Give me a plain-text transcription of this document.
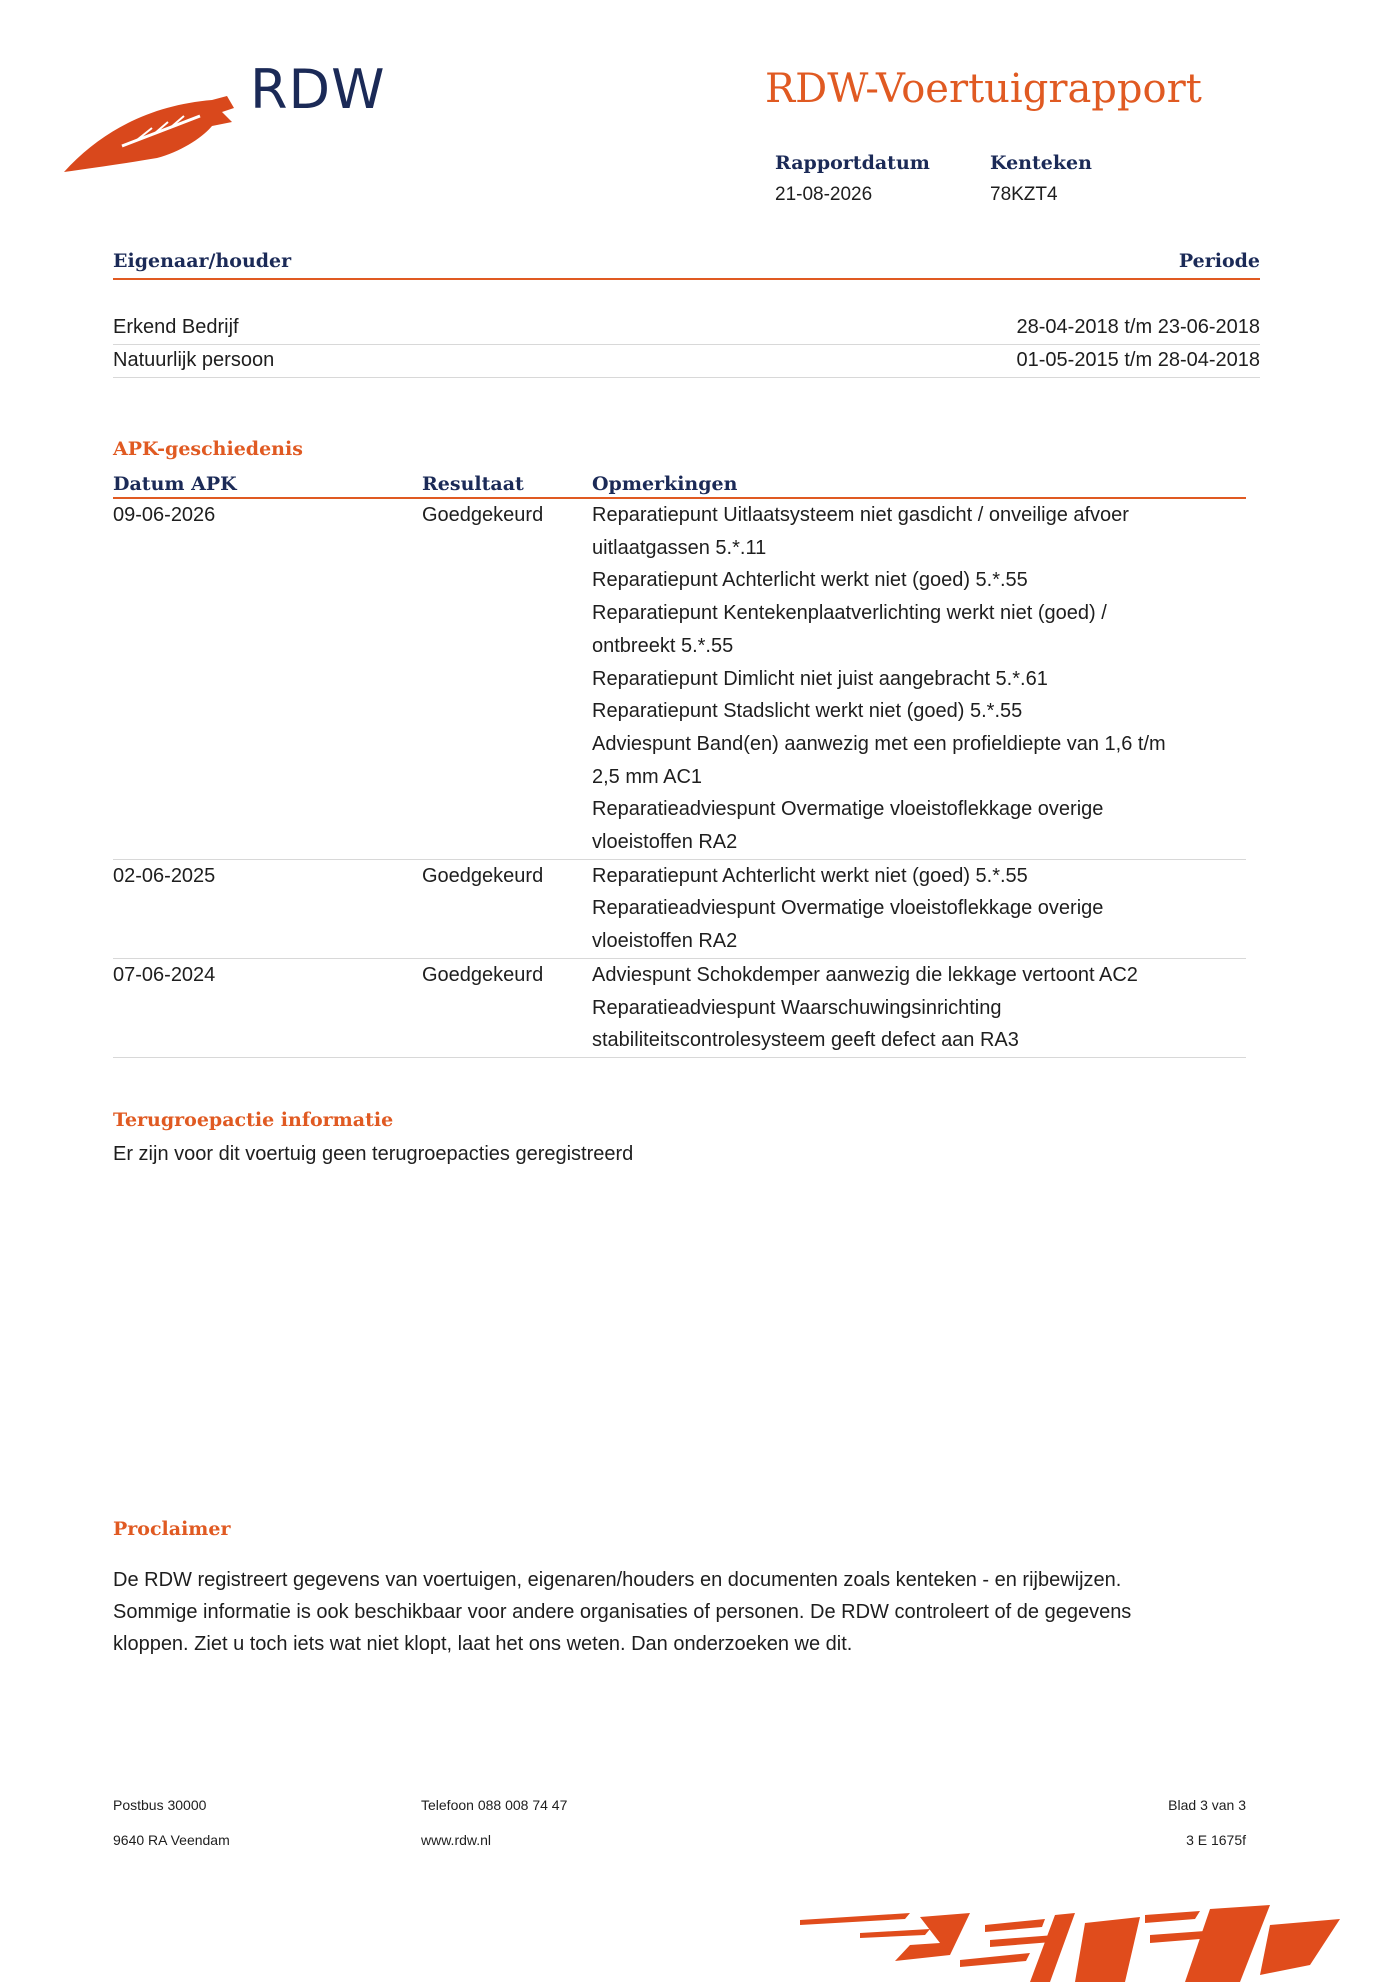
RDW	RDW-Voertuigrapport
Rapportdatum
21-08-2026
Kenteken
78KZT4
Eigenaar/houder	Periode
Erkend Bedrijf	28-04-2018 t/m 23-06-2018
Natuurlijk persoon	01-05-2015 t/m 28-04-2018
APK-geschiedenis
Datum APK	Resultaat	Opmerkingen
09-06-2026	Goedgekeurd	Reparatiepunt Uitlaatsysteem niet gasdicht / onveilige afvoer
uitlaatgassen 5.*.11
Reparatiepunt Achterlicht werkt niet (goed) 5.*.55
Reparatiepunt Kentekenplaatverlichting werkt niet (goed) /
ontbreekt 5.*.55
Reparatiepunt Dimlicht niet juist aangebracht 5.*.61
Reparatiepunt Stadslicht werkt niet (goed) 5.*.55
Adviespunt Band(en) aanwezig met een profieldiepte van 1,6 t/m
2,5 mm AC1
Reparatieadviespunt Overmatige vloeistoflekkage overige
vloeistoffen RA2
02-06-2025	Goedgekeurd	Reparatiepunt Achterlicht werkt niet (goed) 5.*.55
Reparatieadviespunt Overmatige vloeistoflekkage overige
vloeistoffen RA2
07-06-2024	Goedgekeurd	Adviespunt Schokdemper aanwezig die lekkage vertoont AC2
Reparatieadviespunt Waarschuwingsinrichting
stabiliteitscontrolesysteem geeft defect aan RA3
Terugroepactie informatie
Er zijn voor dit voertuig geen terugroepacties geregistreerd
Proclaimer
De RDW registreert gegevens van voertuigen, eigenaren/houders en documenten zoals kenteken - en rijbewijzen.
Sommige informatie is ook beschikbaar voor andere organisaties of personen. De RDW controleert of de gegevens
kloppen. Ziet u toch iets wat niet klopt, laat het ons weten. Dan onderzoeken we dit.
Postbus 30000
9640 RA Veendam
Telefoon 088 008 74 47
www.rdw.nl
Blad 3 van 3
3 E 1675f
